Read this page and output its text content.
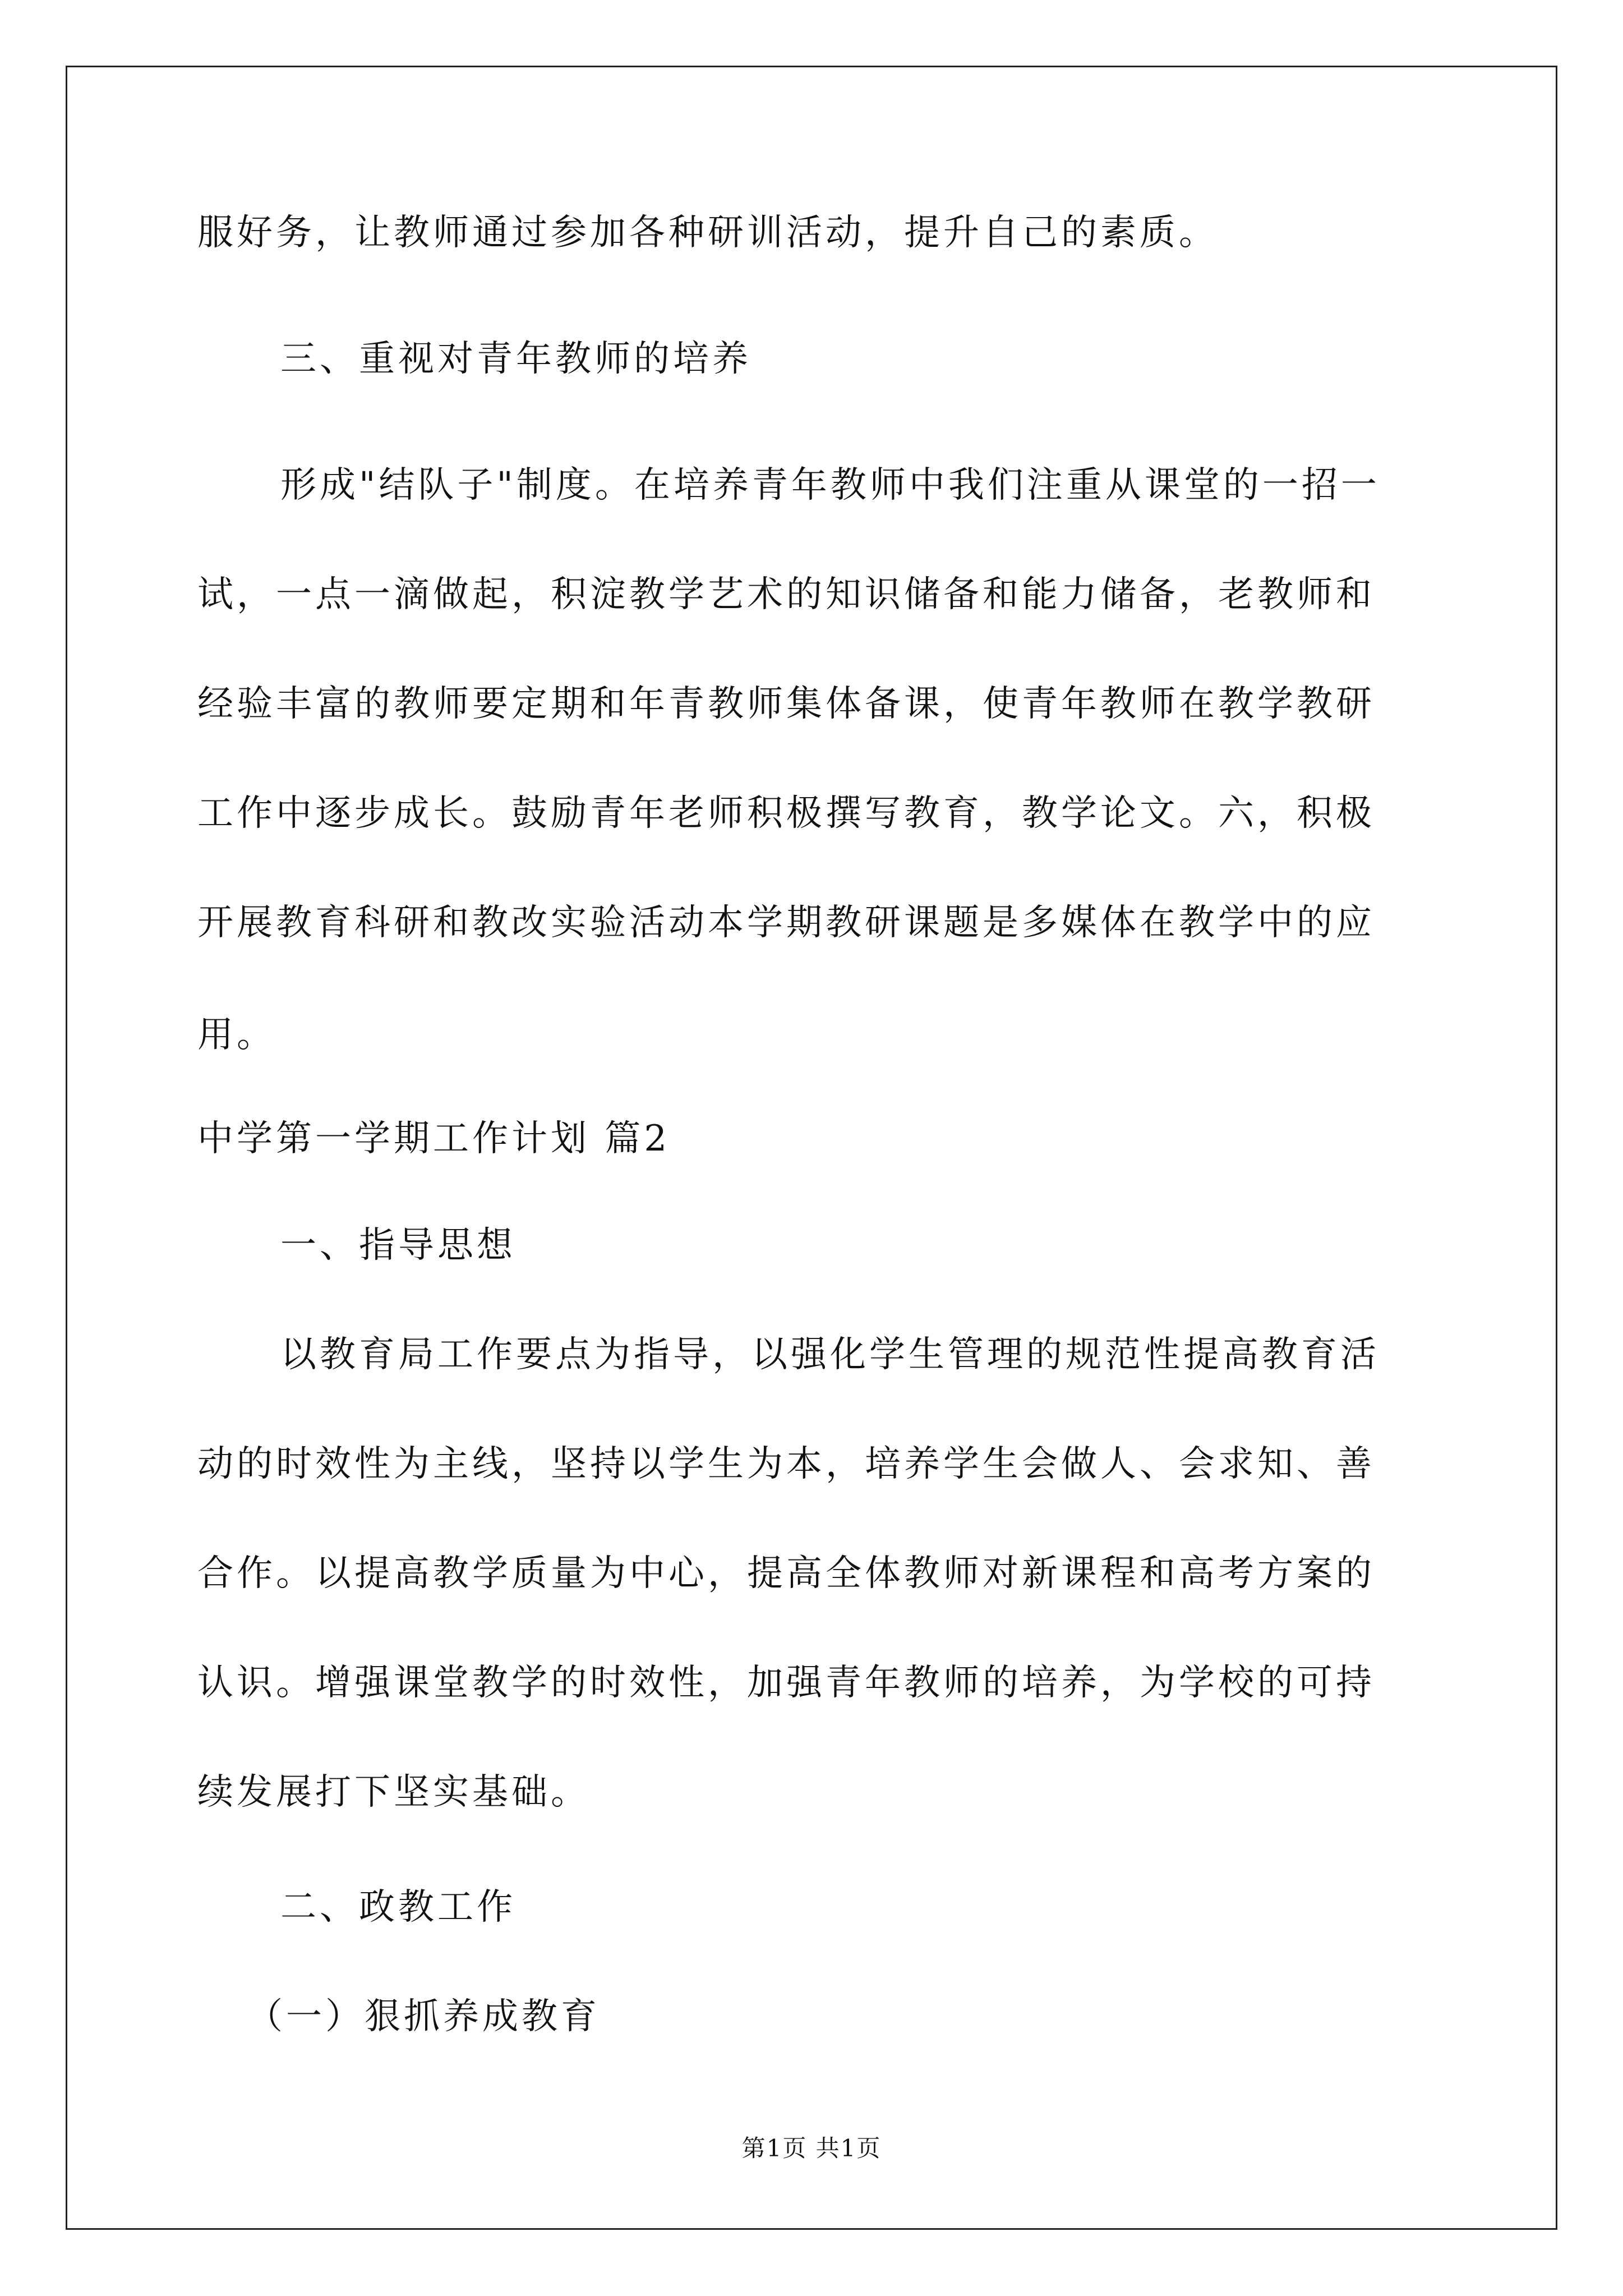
服好务，让教师通过参加各种研训活动，提升自己的素质。

三、重视对青年教师的培养

形成"结队子"制度。在培养青年教师中我们注重从课堂的一招一

试，一点一滴做起，积淀教学艺术的知识储备和能力储备，老教师和

经验丰富的教师要定期和年青教师集体备课，使青年教师在教学教研

工作中逐步成长。鼓励青年老师积极撰写教育，教学论文。六，积极

开展教育科研和教改实验活动本学期教研课题是多媒体在教学中的应

用。

中学第一学期工作计划 篇2

一、指导思想

以教育局工作要点为指导，以强化学生管理的规范性提高教育活

动的时效性为主线，坚持以学生为本，培养学生会做人、会求知、善

合作。以提高教学质量为中心，提高全体教师对新课程和高考方案的

认识。增强课堂教学的时效性，加强青年教师的培养，为学校的可持

续发展打下坚实基础。

二、政教工作

（一）狠抓养成教育

第1页 共1页
